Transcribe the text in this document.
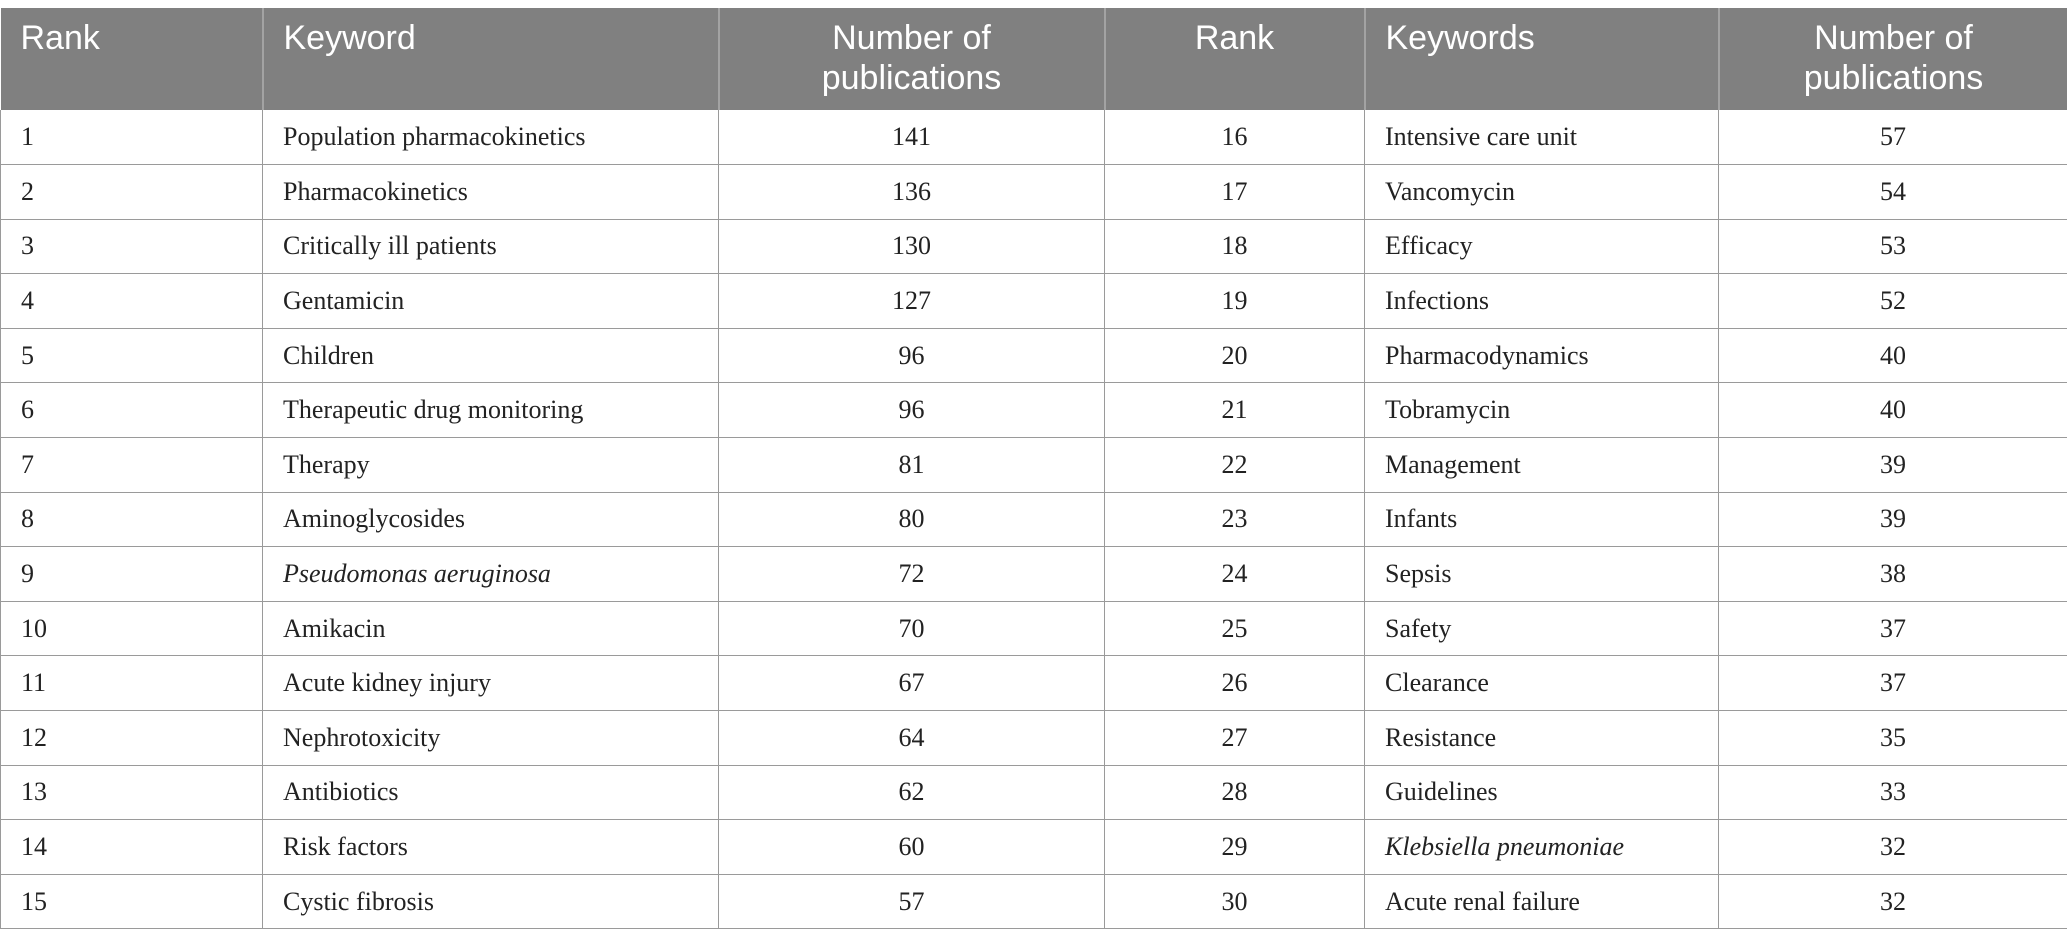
Rank	Keyword	Number of publications	Rank	Keywords	Number of publications
1	Population pharmacokinetics	141	16	Intensive care unit	57
2	Pharmacokinetics	136	17	Vancomycin	54
3	Critically ill patients	130	18	Efficacy	53
4	Gentamicin	127	19	Infections	52
5	Children	96	20	Pharmacodynamics	40
6	Therapeutic drug monitoring	96	21	Tobramycin	40
7	Therapy	81	22	Management	39
8	Aminoglycosides	80	23	Infants	39
9	Pseudomonas aeruginosa	72	24	Sepsis	38
10	Amikacin	70	25	Safety	37
11	Acute kidney injury	67	26	Clearance	37
12	Nephrotoxicity	64	27	Resistance	35
13	Antibiotics	62	28	Guidelines	33
14	Risk factors	60	29	Klebsiella pneumoniae	32
15	Cystic fibrosis	57	30	Acute renal failure	32
